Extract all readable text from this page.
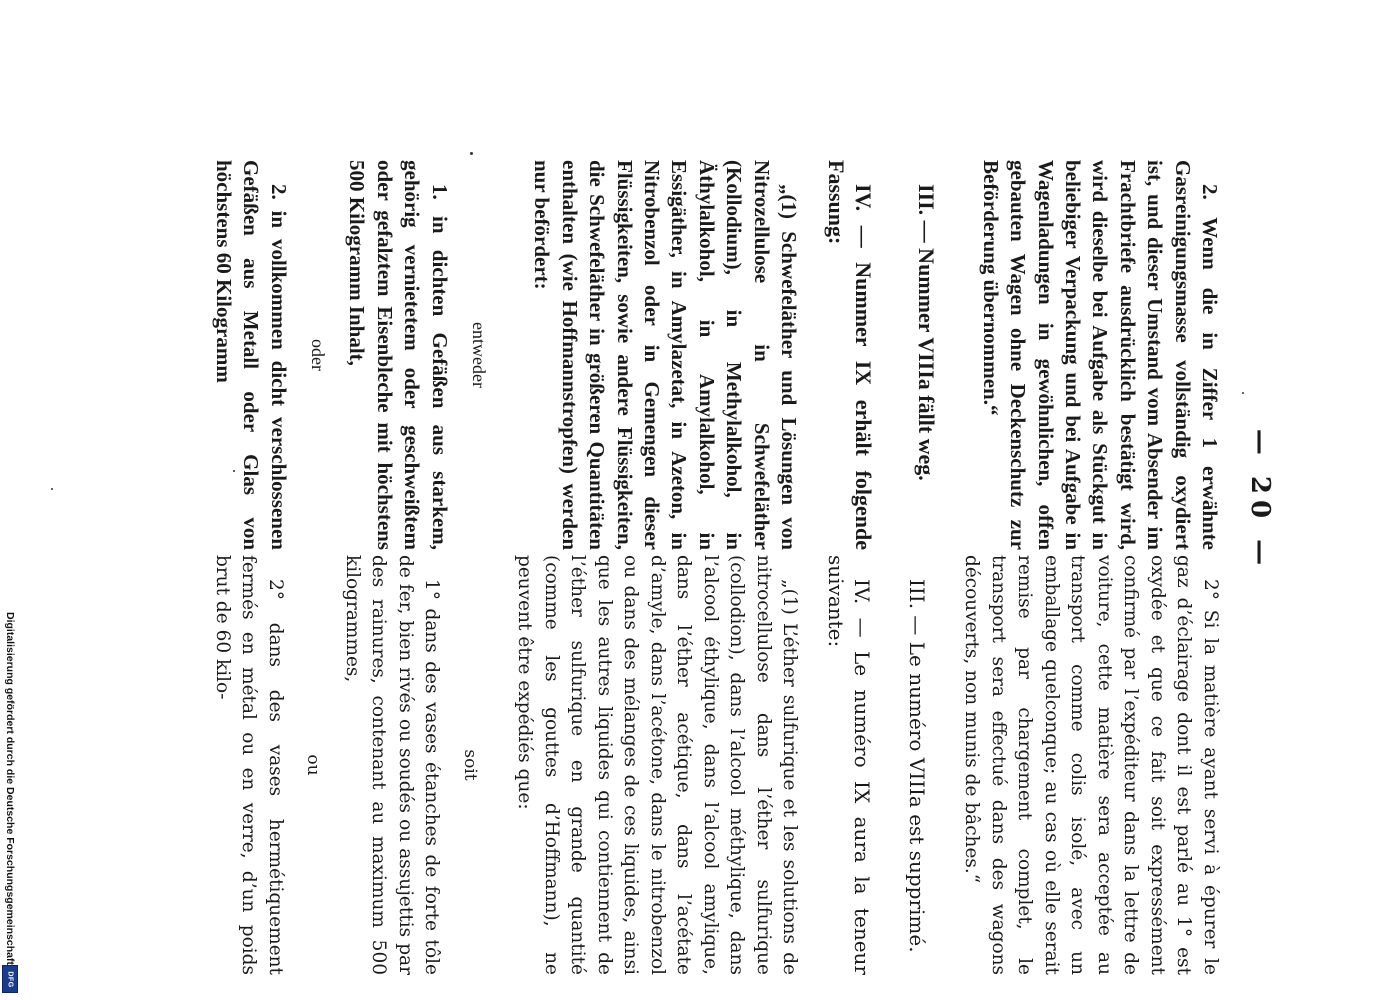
— 20 —

2. Wenn die in Ziffer 1 erwähnte Gasreinigungsmasse vollständig oxydiert ist, und dieser Umstand vom Absender im Frachtbriefe ausdrücklich bestätigt wird, wird dieselbe bei Aufgabe als Stückgut in beliebiger Verpackung und bei Aufgabe in Wagenladungen in gewöhnlichen, offen gebauten Wagen ohne Deckenschutz zur Beförderung übernommen.“

III. — Nummer VIIIa fällt weg.

IV. — Nummer IX erhält folgende Fassung:

„(1) Schwefeläther und Lösungen von Nitrozellulose in Schwefeläther (Kollodium), in Methylalkohol, in Äthylalkohol, in Amylalkohol, in Essigäther, in Amylazetat, in Azeton, in Nitrobenzol oder in Gemengen dieser Flüssigkeiten, sowie andere Flüssigkeiten, die Schwefeläther in größeren Quantitäten enthalten (wie Hoffmannstropfen) werden nur befördert:

entweder

1. in dichten Gefäßen aus starkem, gehörig vernietetem oder geschweißtem oder gefalztem Eisenbleche mit höchstens 500 Kilogramm Inhalt,

oder

2. in vollkommen dicht verschlossenen Gefäßen aus Metall oder Glas von höchstens 60 Kilogramm

2° Si la matière ayant servi à épurer le gaz d’éclairage dont il est parlé au 1° est oxydée et que ce fait soit expressément confirmé par l’expéditeur dans la lettre de voiture, cette matière sera acceptée au transport comme colis isolé, avec un emballage quelconque; au cas où elle serait remise par chargement complet, le transport sera effectué dans des wagons découverts, non munis de bâches.“

III. — Le numéro VIIIa est supprimé.

IV. — Le numéro IX aura la teneur suivante:

„(1) L’éther sulfurique et les solutions de nitrocellulose dans l’éther sulfurique (collodion), dans l’alcool méthylique, dans l’alcool éthylique, dans l’alcool amylique, dans l’éther acétique, dans l’acétate d’amyle, dans l’acétone, dans le nitrobenzol ou dans des mélanges de ces liquides, ainsi que les autres liquides qui contiennent de l’éther sulfurique en grande quantité (comme les gouttes d’Hoffmann), ne peuvent être expédiés que:

soit

1° dans des vases étanches de forte tôle de fer, bien rivés ou soudés ou assujettis par des rainures, contenant au maximum 500 kilogrammes,

ou

2° dans des vases hermétiquement fermés en métal ou en verre, d’un poids brut de 60 kilo-

Digitalisierung gefördert durch die Deutsche Forschungsgemeinschaft
DFG
